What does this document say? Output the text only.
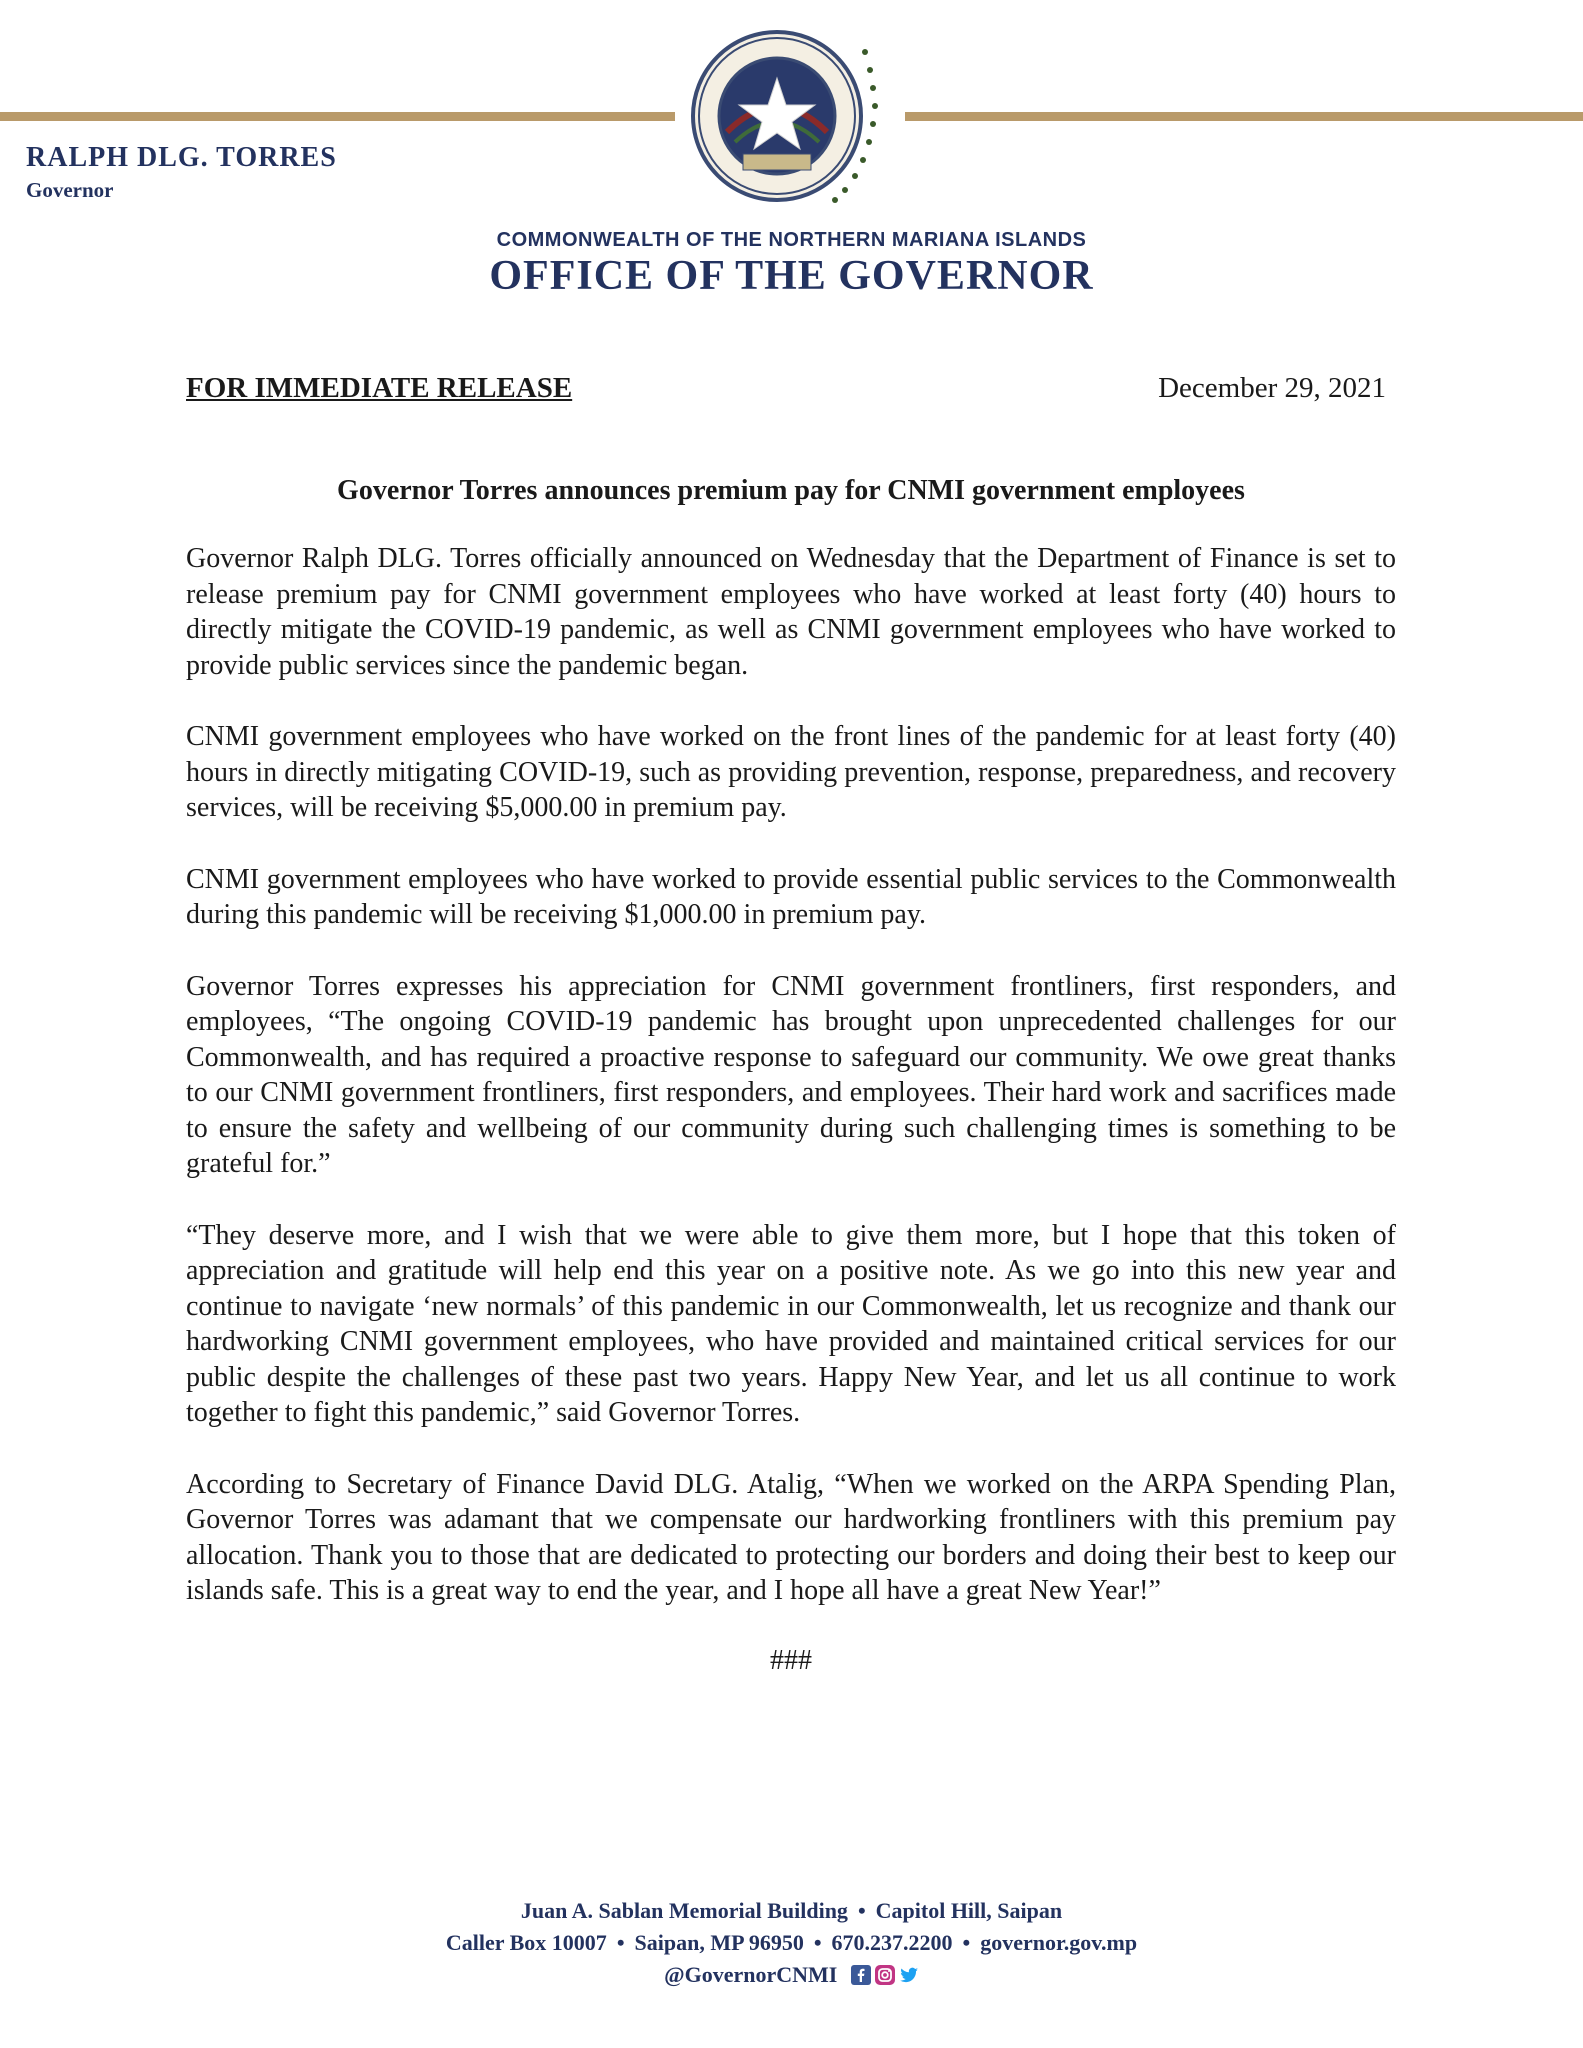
RALPH DLG. TORRES
Governor
COMMONWEALTH OF THE NORTHERN MARIANA ISLANDS
OFFICE OF THE GOVERNOR
FOR IMMEDIATE RELEASE	December 29, 2021
Governor Torres announces premium pay for CNMI government employees

Governor Ralph DLG. Torres officially announced on Wednesday that the Department of Finance is set to release premium pay for CNMI government employees who have worked at least forty (40) hours to directly mitigate the COVID-19 pandemic, as well as CNMI government employees who have worked to provide public services since the pandemic began.

CNMI government employees who have worked on the front lines of the pandemic for at least forty (40) hours in directly mitigating COVID-19, such as providing prevention, response, preparedness, and recovery services, will be receiving $5,000.00 in premium pay.

CNMI government employees who have worked to provide essential public services to the Commonwealth during this pandemic will be receiving $1,000.00 in premium pay.

Governor Torres expresses his appreciation for CNMI government frontliners, first responders, and employees, “The ongoing COVID-19 pandemic has brought upon unprecedented challenges for our Commonwealth, and has required a proactive response to safeguard our community. We owe great thanks to our CNMI government frontliners, first responders, and employees. Their hard work and sacrifices made to ensure the safety and wellbeing of our community during such challenging times is something to be grateful for.”

“They deserve more, and I wish that we were able to give them more, but I hope that this token of appreciation and gratitude will help end this year on a positive note. As we go into this new year and continue to navigate ‘new normals’ of this pandemic in our Commonwealth, let us recognize and thank our hardworking CNMI government employees, who have provided and maintained critical services for our public despite the challenges of these past two years. Happy New Year, and let us all continue to work together to fight this pandemic,” said Governor Torres.

According to Secretary of Finance David DLG. Atalig, “When we worked on the ARPA Spending Plan, Governor Torres was adamant that we compensate our hardworking frontliners with this premium pay allocation. Thank you to those that are dedicated to protecting our borders and doing their best to keep our islands safe. This is a great way to end the year, and I hope all have a great New Year!”

###
Juan A. Sablan Memorial Building • Capitol Hill, Saipan
Caller Box 10007 • Saipan, MP 96950 • 670.237.2200 • governor.gov.mp
@GovernorCNMI
